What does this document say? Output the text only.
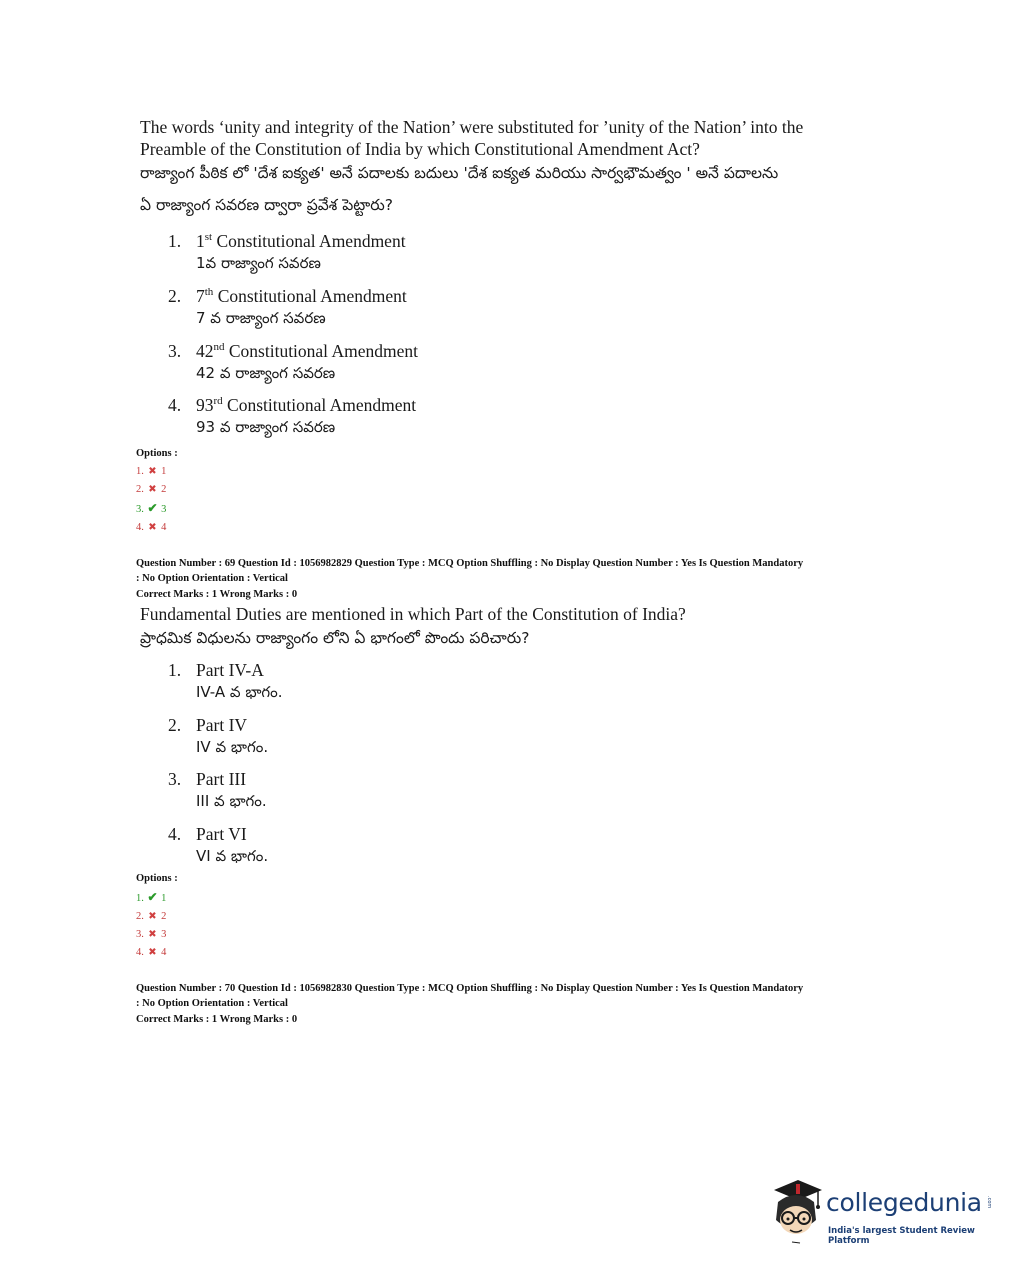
The words ‘unity and integrity of the Nation’ were substituted for ’unity of the Nation’ into the
Preamble of the Constitution of India by which Constitutional Amendment Act?
రాజ్యాంగ పీఠిక లో 'దేశ ఐక్యత' అనే పదాలకు బదులు 'దేశ ఐక్యత మరియు సార్వభౌమత్వం ' అనే పదాలను
ఏ రాజ్యాంగ సవరణ ద్వారా ప్రవేశ పెట్టారు?
1. 1st Constitutional Amendment
1వ రాజ్యాంగ సవరణ
2. 7th Constitutional Amendment
7 వ రాజ్యాంగ సవరణ
3. 42nd Constitutional Amendment
42 వ రాజ్యాంగ సవరణ
4. 93rd Constitutional Amendment
93 వ రాజ్యాంగ సవరణ
Options :
1. ✖ 1
2. ✖ 2
3. ✔ 3
4. ✖ 4
Question Number : 69 Question Id : 1056982829 Question Type : MCQ Option Shuffling : No Display Question Number : Yes Is Question Mandatory
: No Option Orientation : Vertical
Correct Marks : 1 Wrong Marks : 0
Fundamental Duties are mentioned in which Part of the Constitution of India?
ప్రాధమిక విధులను రాజ్యాంగం లోని ఏ భాగంలో పొందు పరిచారు?
1. Part IV-A
IV-A వ భాగం.
2. Part IV
IV వ భాగం.
3. Part III
III వ భాగం.
4. Part VI
VI వ భాగం.
Options :
1. ✔ 1
2. ✖ 2
3. ✖ 3
4. ✖ 4
Question Number : 70 Question Id : 1056982830 Question Type : MCQ Option Shuffling : No Display Question Number : Yes Is Question Mandatory
: No Option Orientation : Vertical
Correct Marks : 1 Wrong Marks : 0
collegedunia .com
India's largest Student Review Platform
